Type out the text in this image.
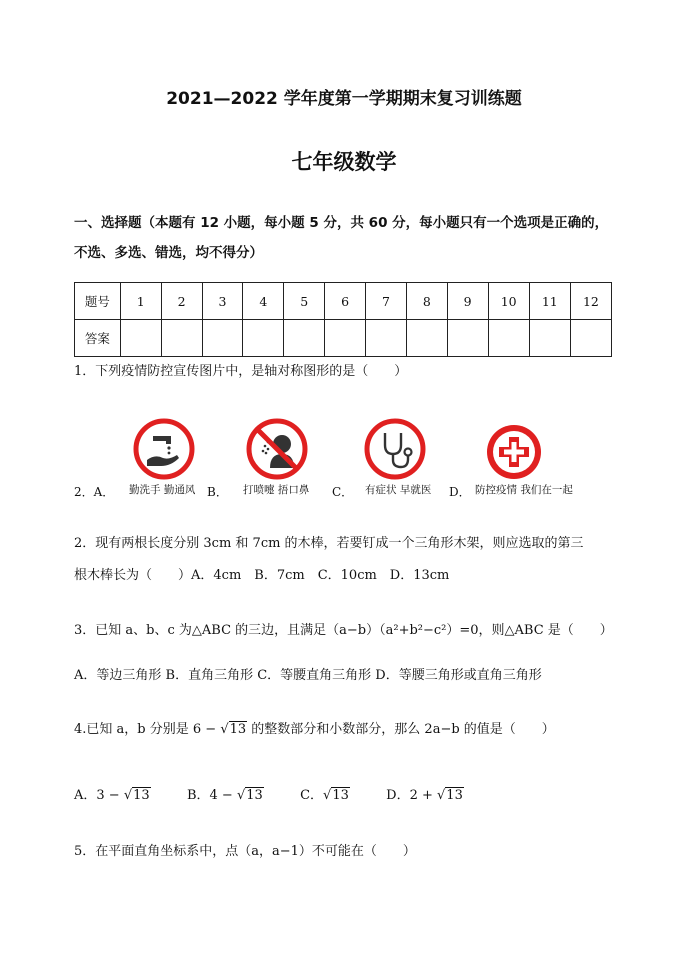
2021—2022 学年度第一学期期末复习训练题
七年级数学
一、选择题（本题有 12 小题，每小题 5 分，共 60 分，每小题只有一个选项是正确的，
不选、多选、错选，均不得分）
题号	1	2	3	4	5	6	7	8	9	10	11	12
答案												
1．下列疫情防控宣传图片中，是轴对称图形的是（　　）
勤洗手 勤通风	打喷嚏 捂口鼻	有症状 早就医	防控疫情 我们在一起
2．A．	B．	C．	D．
2．现有两根长度分别 3cm 和 7cm 的木棒，若要钉成一个三角形木架，则应选取的第三
根木棒长为（　　）A．4cm　B．7cm　C．10cm　D．13cm
3．已知 a、b、c 为△ABC 的三边，且满足（a−b）（a²+b²−c²）=0，则△ABC 是（　　）
A．等边三角形 B．直角三角形 C．等腰直角三角形 D．等腰三角形或直角三角形
4.已知 a，b 分别是 6 − √13 的整数部分和小数部分，那么 2a−b 的值是（　　）
A．3 − √13	B．4 − √13	C．√13	D．2 + √13
5．在平面直角坐标系中，点（a，a−1）不可能在（　　）
